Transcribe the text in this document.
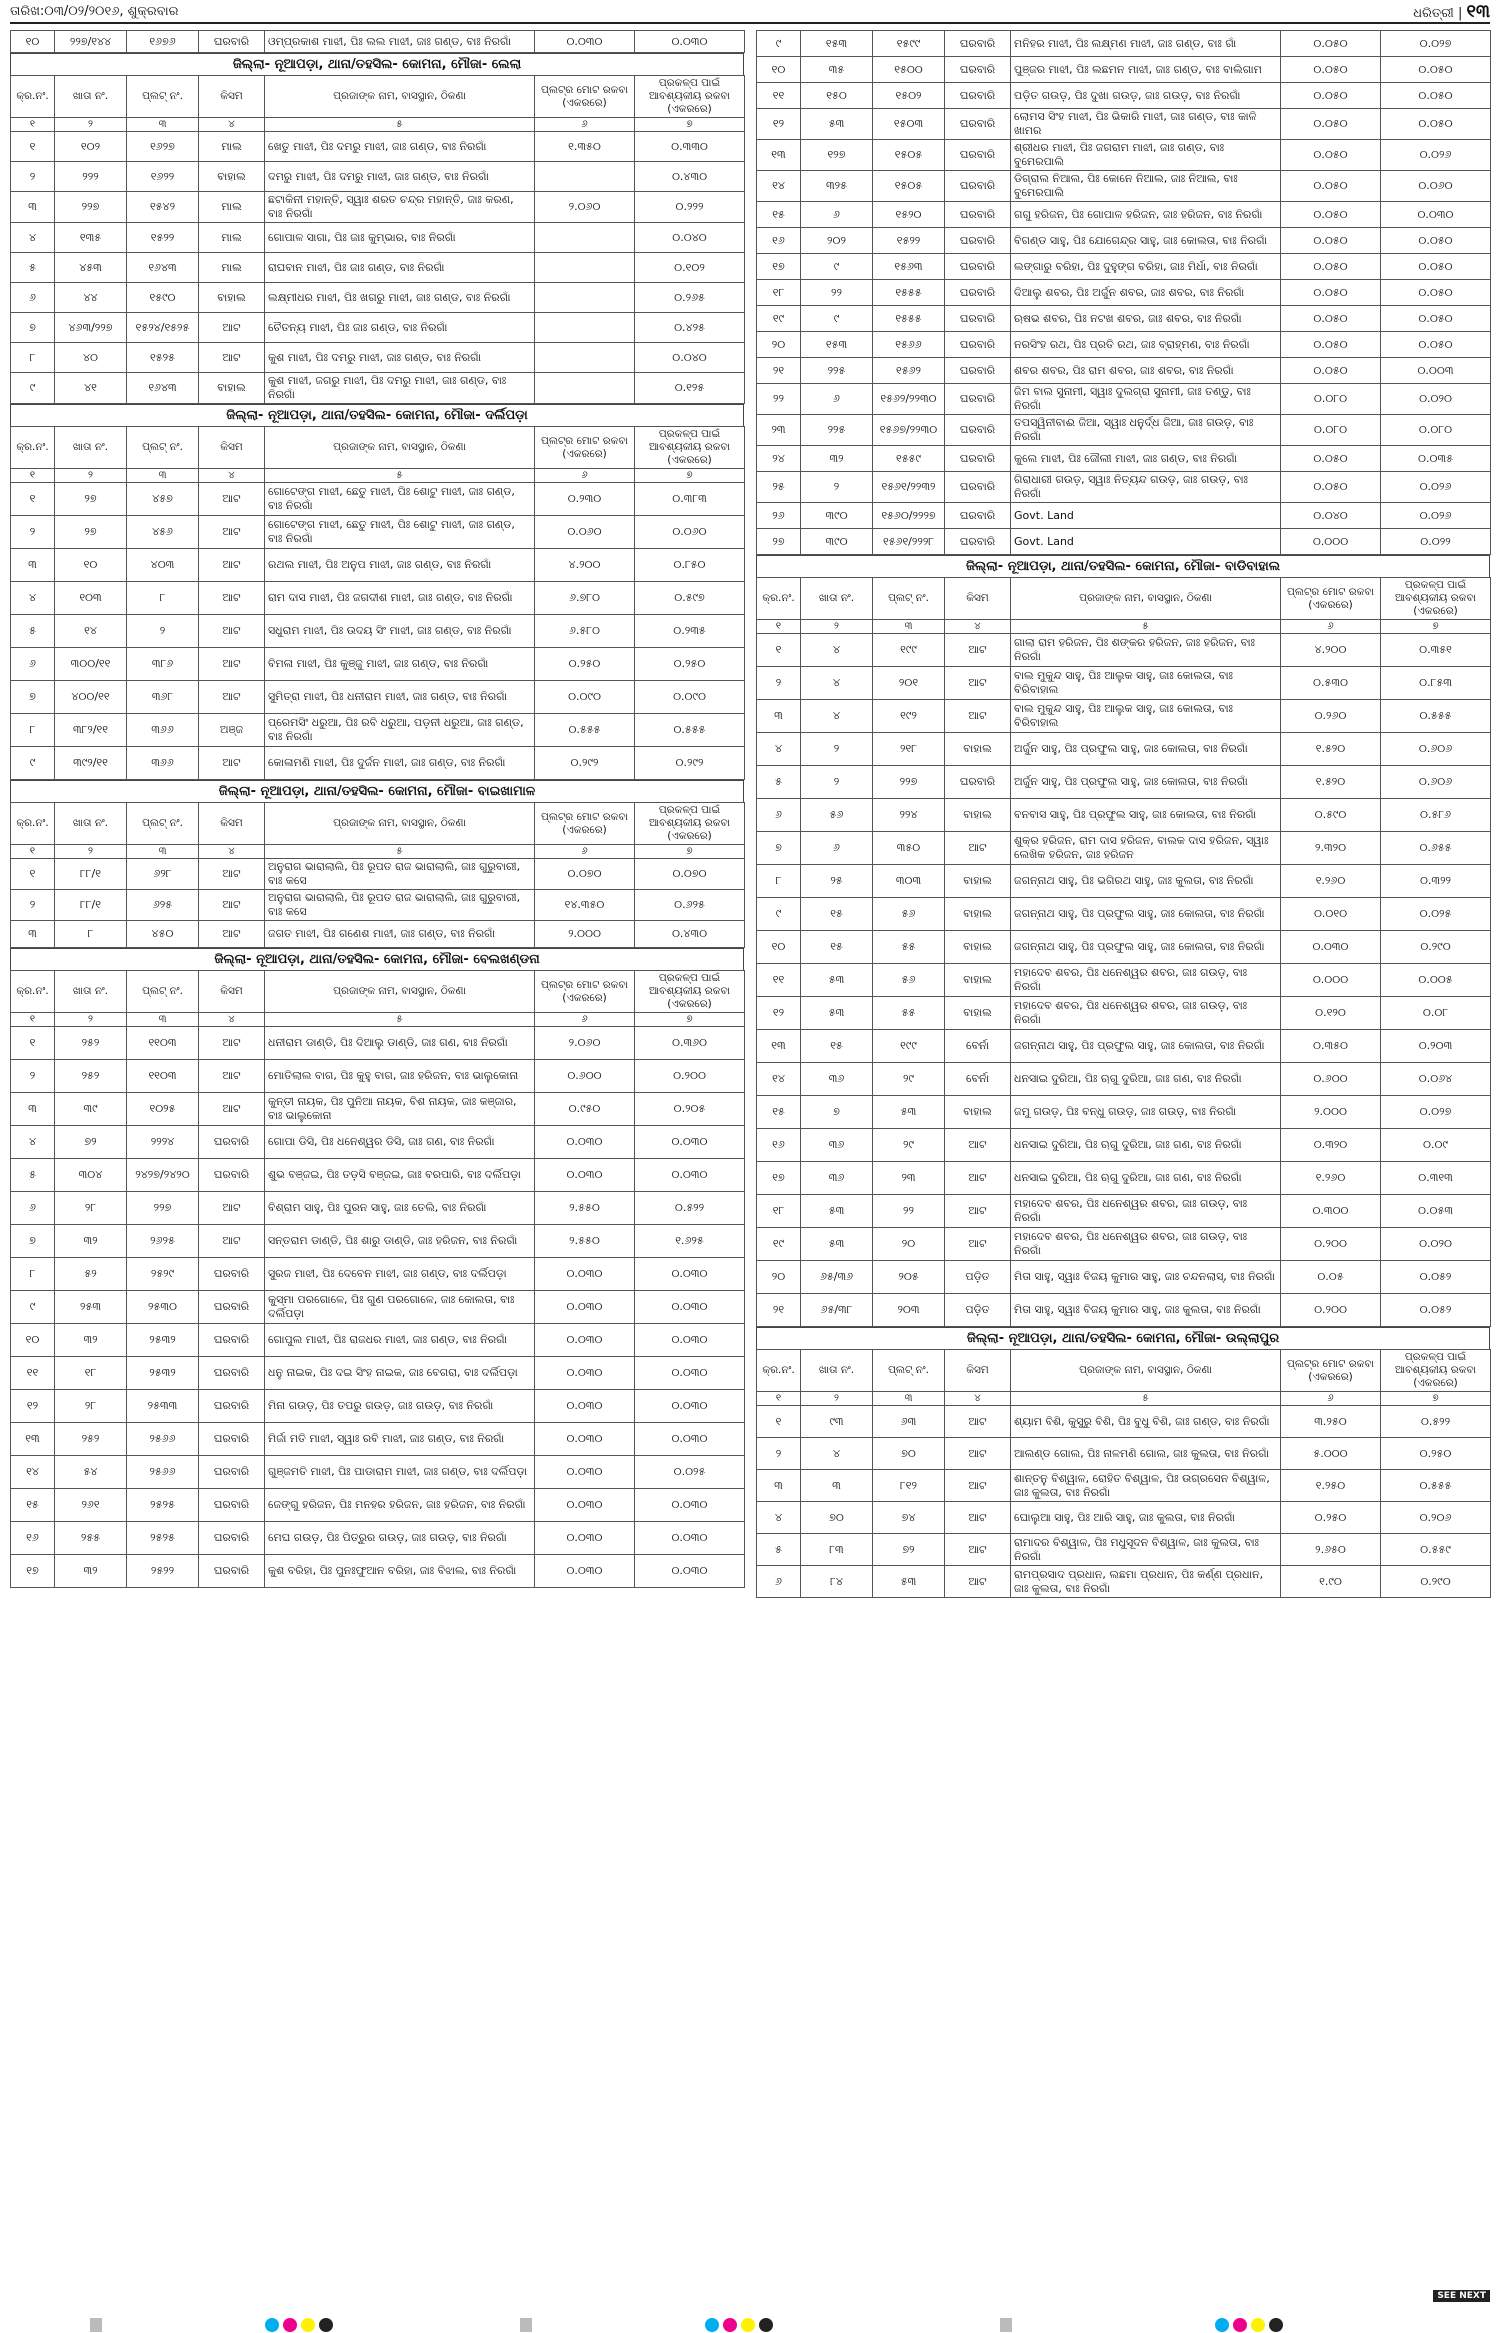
ତାରିଖ:୦୩/୦୨/୨୦୧୬, ଶୁକ୍ରବାର	ଧରିତ୍ରୀ | ୧୩
୧୦	୨୨୭/୧୪୪	୧୬୭୬	ଘରବାରି	ଓମ୍‌ପ୍ରକାଶ ମାଝୀ, ପିଃ ଲଲ ମାଝୀ, ଜାଃ ଗଣ୍ଡ, ବାଃ ନିରଗାଁ	୦.୦୩୦	୦.୦୩୦
ଜିଲ୍ଲା- ନୂଆପଡ଼ା, ଥାନା/ତହସିଲ- କୋମନା, ମୌଜା- ଲେଲା
କ୍ର.ନଂ.	ଖାତା ନଂ.	ପ୍ଲଟ୍ ନଂ.	କିସମ	ପ୍ରଜାଙ୍କ ନାମ, ବାସସ୍ଥାନ, ଠିକଣା	ପ୍ଲଟ୍‌ର ମୋଟ ରକବା (ଏକରରେ)	ପ୍ରକଳ୍ପ ପାଇଁ ଆବଶ୍ୟକୀୟ ରକବା (ଏକରରେ)
୧	୨	୩	୪	୫	୬	୭
୧	୧୦୨	୧୬୨୭	ମାଲ	ଖେତୁ ମାଝୀ, ପିଃ ଦମରୁ ମାଝୀ, ଜାଃ ଗଣ୍ଡ, ବାଃ ନିରଗାଁ	୧.୩୫୦	୦.୩୩୦
୨	୨୨୨	୧୬୨୨	ବାହାଲ	ଦମରୁ ମାଝୀ, ପିଃ ଦମରୁ ମାଝୀ, ଜାଃ ଗଣ୍ଡ, ବାଃ ନିରଗାଁ		୦.୪୩୦
୩	୨୨୭	୧୫୪୨	ମାଲ	ଛଟାକିନୀ ମହାନ୍ତି, ସ୍ୱାଃ ଶରତ ଚନ୍ଦ୍ର ମହାନ୍ତି, ଜାଃ କରଣ, ବାଃ ନିରଗାଁ	୨.୦୬୦	୦.୨୨୨
୪	୧୩୫	୧୫୨୨	ମାଲ	ଗୋପାଳ ସାଗା, ପିଃ ଜାଃ କୁମ୍ଭାର, ବାଃ ନିରଗାଁ		୦.୦୪୦
୫	୪୫୩	୧୬୪୩	ମାଲ	ରାଘବାନ ମାଝୀ, ପିଃ ଜାଃ ଗଣ୍ଡ, ବାଃ ନିରଗାଁ		୦.୧୦୨
୬	୪୪	୧୫୯୦	ବାହାଲ	ଲକ୍ଷ୍ମୀଧର ମାଝୀ, ପିଃ ଖଗରୁ ମାଝୀ, ଜାଃ ଗଣ୍ଡ, ବାଃ ନିରଗାଁ		୦.୨୬୫
୭	୪୬୩/୨୨୭	୧୫୨୪/୧୫୨୫	ଆଟ	ଚୈତନ୍ୟ ମାଝୀ, ପିଃ ଜାଃ ଗଣ୍ଡ, ବାଃ ନିରଗାଁ		୦.୪୨୫
୮	୪୦	୧୫୨୫	ଆଟ	କୁଶ ମାଝୀ, ପିଃ ଦମରୁ ମାଝୀ, ଜାଃ ଗଣ୍ଡ, ବାଃ ନିରଗାଁ		୦.୦୪୦
୯	୪୧	୧୬୪୩	ବାହାଲ	କୁଶ ମାଝୀ, ଜଗରୁ ମାଝୀ, ପିଃ ଦମରୁ ମାଝୀ, ଜାଃ ଗଣ୍ଡ, ବାଃ ନିରଗାଁ		୦.୧୨୫
ଜିଲ୍ଲା- ନୂଆପଡ଼ା, ଥାନା/ତହସିଲ- କୋମନା, ମୌଜା- ଦର୍ଲିପଡ଼ା
କ୍ର.ନଂ.	ଖାତା ନଂ.	ପ୍ଲଟ୍ ନଂ.	କିସମ	ପ୍ରଜାଙ୍କ ନାମ, ବାସସ୍ଥାନ, ଠିକଣା	ପ୍ଲଟ୍‌ର ମୋଟ ରକବା (ଏକରରେ)	ପ୍ରକଳ୍ପ ପାଇଁ ଆବଶ୍ୟକୀୟ ରକବା (ଏକରରେ)
୧	୨	୩	୪	୫	୬	୭
୧	୨୭	୪୫୭	ଆଟ	ଗୋଟେଙ୍ଗ ମାଝୀ, ଛେତୁ ମାଝୀ, ପିଃ ଶୋଟୁ ମାଝୀ, ଜାଃ ଗଣ୍ଡ, ବାଃ ନିରଗାଁ	୦.୨୩୦	୦.୩୮୩
୨	୨୭	୪୫୬	ଆଟ	ଗୋଟେଙ୍ଗ ମାଝୀ, ଛେତୁ ମାଝୀ, ପିଃ ଶୋଟୁ ମାଝୀ, ଜାଃ ଗଣ୍ଡ, ବାଃ ନିରଗାଁ	୦.୦୬୦	୦.୦୬୦
୩	୧୦	୪୦୩	ଆଟ	ରଥଲ ମାଝୀ, ପିଃ ଅନୁପ ମାଝୀ, ଜାଃ ଗଣ୍ଡ, ବାଃ ନିରଗାଁ	୪.୨୦୦	୦.୮୫୦
୪	୧୦୩	୮	ଆଟ	ରାମ ଦାସ ମାଝୀ, ପିଃ ଜଗଦୀଶ ମାଝୀ, ଜାଃ ଗଣ୍ଡ, ବାଃ ନିରଗାଁ	୬.୭୮୦	୦.୫୯୭
୫	୧୪	୨	ଆଟ	ସଧୁରାମ ମାଝୀ, ପିଃ ଉଦୟ ସିଂ ମାଝୀ, ଜାଃ ଗଣ୍ଡ, ବାଃ ନିରଗାଁ	୬.୫୮୦	୦.୨୩୫
୬	୩୦୦/୧୧	୩୮୬	ଆଟ	ବିମଳା ମାଝୀ, ପିଃ କୁଞ୍ଜୁ ମାଝୀ, ଜାଃ ଗଣ୍ଡ, ବାଃ ନିରଗାଁ	୦.୨୫୦	୦.୨୫୦
୭	୪୦୦/୧୧	୩୬୮	ଆଟ	ସୁମିତ୍ରା ମାଝୀ, ପିଃ ଧନୀରାମ ମାଝୀ, ଜାଃ ଗଣ୍ଡ, ବାଃ ନିରଗାଁ	୦.୦୯୦	୦.୦୯୦
୮	୩୮୨/୧୧	୩୬୬	ଅଞ୍ଜ	ପ୍ରେମସିଂ ଧରୁଆ, ପିଃ ରବି ଧରୁଆ, ପଡ଼ନୀ ଧରୁଆ, ଜାଃ ଗଣ୍ଡ, ବାଃ ନିରଗାଁ	୦.୫୫୫	୦.୫୫୫
୯	୩୯୨/୧୧	୩୬୬	ଆଟ	କୋଳାମଣି ମାଝୀ, ପିଃ ଦୁର୍ଜନ ମାଝୀ, ଜାଃ ଗଣ୍ଡ, ବାଃ ନିରଗାଁ	୦.୨୯୨	୦.୨୯୨
ଜିଲ୍ଲା- ନୂଆପଡ଼ା, ଥାନା/ତହସିଲ- କୋମନା, ମୌଜା- ବାଇଖାମାଳ
କ୍ର.ନଂ.	ଖାତା ନଂ.	ପ୍ଲଟ୍ ନଂ.	କିସମ	ପ୍ରଜାଙ୍କ ନାମ, ବାସସ୍ଥାନ, ଠିକଣା	ପ୍ଲଟ୍‌ର ମୋଟ ରକବା (ଏକରରେ)	ପ୍ରକଳ୍ପ ପାଇଁ ଆବଶ୍ୟକୀୟ ରକବା (ଏକରରେ)
୧	୨	୩	୪	୫	୬	୭
୧	୮୮/୧	୬୨୮	ଆଟ	ଅନୁରାଗ ଭାରାଲାଲି, ପିଃ ରୂପତ ରାଜ ଭାରାଲାଲି, ଜାଃ ଗୁରୁବାରୀ, ବାଃ କସେ	୦.୦୭୦	୦.୦୭୦
୨	୮୮/୧	୬୨୫	ଆଟ	ଅନୁରାଗ ଭାରାଲାଲି, ପିଃ ରୂପତ ରାଜ ଭାରାଲାଲି, ଜାଃ ଗୁରୁବାରୀ, ବାଃ କସେ	୧୪.୩୫୦	୦.୬୨୫
୩	୮	୪୫୦	ଆଟ	ଜଗତ ମାଝୀ, ପିଃ ଗଣେଶ ମାଝୀ, ଜାଃ ଗଣ୍ଡ, ବାଃ ନିରଗାଁ	୨.୦୦୦	୦.୪୩୦
ଜିଲ୍ଲା- ନୂଆପଡ଼ା, ଥାନା/ତହସିଲ- କୋମନା, ମୌଜା- ବେଲଖଣ୍ଡନା
କ୍ର.ନଂ.	ଖାତା ନଂ.	ପ୍ଲଟ୍ ନଂ.	କିସମ	ପ୍ରଜାଙ୍କ ନାମ, ବାସସ୍ଥାନ, ଠିକଣା	ପ୍ଲଟ୍‌ର ମୋଟ ରକବା (ଏକରରେ)	ପ୍ରକଳ୍ପ ପାଇଁ ଆବଶ୍ୟକୀୟ ରକବା (ଏକରରେ)
୧	୨	୩	୪	୫	୬	୭
୧	୨୫୨	୧୧୦୩	ଆଟ	ଧନୀରାମ ଡାଣ୍ଡି, ପିଃ ଦିଆଲୁ ଡାଣ୍ଡି, ଜାଃ ଗଣ, ବାଃ ନିରଗାଁ	୨.୦୬୦	୦.୩୬୦
୨	୨୫୨	୧୧୦୩	ଆଟ	ମୋତିଲାଲ ବାଗ, ପିଃ କୁହୁ ବାଗ, ଜାଃ ହରିଜନ, ବାଃ ଭାଲୁକୋନା	୦.୬୦୦	୦.୨୦୦
୩	୩୯	୧୦୨୫	ଆଟ	କୁନ୍ତୀ ନାୟକ, ପିଃ ପୁନିଆ ନାୟକ, ବିଶ ନାୟକ, ଜାଃ କଞ୍ଜାର, ବାଃ ଭାଲୁକୋନା	୦.୯୫୦	୦.୨୦୫
୪	୭୨	୨୨୨୪	ଘରବାରି	ଗୋପା ଡିସି, ପିଃ ଧନେଶ୍ୱର ଡିସି, ଜାଃ ଗଣ, ବାଃ ନିରଗାଁ	୦.୦୩୦	୦.୦୩୦
୫	୩୦୪	୨୪୨୭/୨୪୨୦	ଘରବାରି	ଶୁଭ ବଞ୍ଜଇ, ପିଃ ତଡ଼ସି ବଞ୍ଜଇ, ଜାଃ ବରପାରି, ବାଃ ଦର୍ଲିପଡ଼ା	୦.୦୩୦	୦.୦୩୦
୬	୨୮	୨୨୭	ଆଟ	ବିଶ୍ରାମ ସାହୁ, ପିଃ ପୁରନ ସାହୁ, ଜାଃ ତେଲି, ବାଃ ନିରଗାଁ	୨.୫୫୦	୦.୫୨୨
୭	୩୨	୨୬୨୫	ଆଟ	ସନ୍ତରାମ ଡାଣ୍ଡି, ପିଃ ଶାରୁ ଡାଣ୍ଡି, ଜାଃ ହରିଜନ, ବାଃ ନିରଗାଁ	୨.୫୫୦	୧.୬୨୫
୮	୫୨	୨୫୨୯	ଘରବାରି	ସୁରଜ ମାଝୀ, ପିଃ ଦେବେନ ମାଝୀ, ଜାଃ ଗଣ୍ଡ, ବାଃ ଦର୍ଲିପଡ଼ା	୦.୦୩୦	୦.୦୩୦
୯	୨୫୩	୨୫୩୦	ଘରବାରି	କୁସ୍ମା ପରଗୋଳେ, ପିଃ ଗୁଣ ପରଗୋଳେ, ଜାଃ କୋଲତା, ବାଃ ଦର୍ଲିପଡ଼ା	୦.୦୩୦	୦.୦୩୦
୧୦	୩୨	୨୫୩୨	ଘରବାରି	ଗୋପୁଲ ମାଝୀ, ପିଃ ରାଜଧର ମାଝୀ, ଜାଃ ଗଣ୍ଡ, ବାଃ ନିରଗାଁ	୦.୦୩୦	୦.୦୩୦
୧୧	୧୮	୨୫୩୨	ଘରବାରି	ଧନୁ ନାଇକ, ପିଃ ଦଇ ସିଂହ ନାଇକ, ଜାଃ ବେଗରା, ବାଃ ଦର୍ଲିପଡ଼ା	୦.୦୩୦	୦.୦୩୦
୧୨	୨୮	୨୫୩୩	ଘରବାରି	ମିନା ଗଉଡ଼, ପିଃ ତପରୁ ଗଉଡ଼, ଜାଃ ଗଉଡ଼, ବାଃ ନିରଗାଁ	୦.୦୩୦	୦.୦୩୦
୧୩	୨୫୨	୨୫୬୬	ଘରବାରି	ମିର୍ଜା ମତି ମାଝୀ, ସ୍ୱାଃ ରବି ମାଝୀ, ଜାଃ ଗଣ୍ଡ, ବାଃ ନିରଗାଁ	୦.୦୩୦	୦.୦୩୦
୧୪	୫୪	୨୫୬୬	ଘରବାରି	ଗୁଞ୍ଜମତି ମାଝୀ, ପିଃ ପାଡାରାମ ମାଝୀ, ଜାଃ ଗଣ୍ଡ, ବାଃ ଦର୍ଲିପଡ଼ା	୦.୦୩୦	୦.୦୨୫
୧୫	୨୬୧	୨୫୨୫	ଘରବାରି	ଜେଙ୍ଗୁ ହରିଜନ, ପିଃ ମନହର ହରିଜନ, ଜାଃ ହରିଜନ, ବାଃ ନିରଗାଁ	୦.୦୩୦	୦.୦୩୦
୧୬	୨୫୫	୨୫୨୫	ଘରବାରି	ମେଘ ଗଉଡ଼, ପିଃ ପିତ୍ରୁର ଗଉଡ଼, ଜାଃ ଗଉଡ଼, ବାଃ ନିରଗାଁ	୦.୦୩୦	୦.୦୩୦
୧୭	୩୨	୨୫୨୨	ଘରବାରି	କୁଶ ବରିହା, ପିଃ ପୁନଃଫୁଆନ ବରିହା, ଜାଃ ବିଝାଲ, ବାଃ ନିରଗାଁ	୦.୦୩୦	୦.୦୩୦
୯	୧୫୩	୧୫୯୯	ଘରବାରି	ମନିହର ମାଝୀ, ପିଃ ଲକ୍ଷ୍ମଣ ମାଝୀ, ଜାଃ ଗଣ୍ଡ, ବାଃ ଗାଁ	୦.୦୫୦	୦.୦୨୭
୧୦	୩୫	୧୫୦୦	ଘରବାରି	ପୁଞ୍ଜର ମାଝୀ, ପିଃ ଲଛମନ ମାଝୀ, ଜାଃ ଗଣ୍ଡ, ବାଃ ବାଲିଗାମ	୦.୦୫୦	୦.୦୫୦
୧୧	୧୫୦	୧୫୦୨	ଘରବାରି	ପଡ଼ିତ ଗଉଡ଼, ପିଃ ଦୁଖା ଗଉଡ଼, ଜାଃ ଗଉଡ଼, ବାଃ ନିରଗାଁ	୦.୦୫୦	୦.୦୫୦
୧୨	୫୩	୧୫୦୩	ଘରବାରି	ଲୋମସ ସିଂହ ମାଝୀ, ପିଃ ଭିକାରି ମାଝୀ, ଜାଃ ଗଣ୍ଡ, ବାଃ କାଳି ଖାମର	୦.୦୫୦	୦.୦୫୦
୧୩	୧୨୭	୧୫୦୫	ଘରବାରି	ଶ୍ରୀଧର ମାଝୀ, ପିଃ ଜଗରାମ ମାଝୀ, ଜାଃ ଗଣ୍ଡ, ବାଃ ବୁମେରପାଲି	୦.୦୫୦	୦.୦୨୬
୧୪	୩୨୫	୧୫୦୫	ଘରବାରି	ଡିଗ୍ରାଲ ନିଆଲ, ପିଃ କୋନେ ନିଆଲ, ଜାଃ ନିଆଲ, ବାଃ ବୁମେରପାଲି	୦.୦୫୦	୦.୦୬୦
୧୫	୬	୧୫୨୦	ଘରବାରି	ଗଗୁ ହରିଜନ, ପିଃ ଗୋପାଳ ହରିଜନ, ଜାଃ ହରିଜନ, ବାଃ ନିରଗାଁ	୦.୦୫୦	୦.୦୩୦
୧୬	୨୦୨	୧୫୨୨	ଘରବାରି	ବିଗଣ୍ଡ ସାହୁ, ପିଃ ଯୋଗେନ୍ଦ୍ର ସାହୁ, ଜାଃ କୋଲତା, ବାଃ ନିରଗାଁ	୦.୦୫୦	୦.୦୫୦
୧୭	୯	୧୫୬୩	ଘରବାରି	ଲଙ୍ଗାରୁ ବରିହା, ପିଃ ଦୁହୁଙ୍ଗ ବରିହା, ଜାଃ ମିର୍ଧା, ବାଃ ନିରଗାଁ	୦.୦୫୦	୦.୦୫୦
୧୮	୨୨	୧୫୫୫	ଘରବାରି	ଦିଆଲୁ ଶବର, ପିଃ ଅର୍ଜୁନ ଶବର, ଜାଃ ଶବର, ବାଃ ନିରଗାଁ	୦.୦୫୦	୦.୦୫୦
୧୯	୯	୧୫୫୫	ଘରବାରି	ଋଷଭ ଶବର, ପିଃ ନଟଖ ଶବର, ଜାଃ ଶବର, ବାଃ ନିରଗାଁ	୦.୦୫୦	୦.୦୫୦
୨୦	୧୫୩	୧୫୬୬	ଘରବାରି	ନରସିଂହ ରଥ, ପିଃ ପ୍ରତି ରଥ, ଜାଃ ବ୍ରାହ୍ମଣ, ବାଃ ନିରଗାଁ	୦.୦୫୦	୦.୦୫୦
୨୧	୨୨୫	୧୫୬୨	ଘରବାରି	ଶବର ଶବର, ପିଃ ରାମ ଶବର, ଜାଃ ଶବର, ବାଃ ନିରଗାଁ	୦.୦୫୦	୦.୦୦୩
୨୨	୬	୧୫୬୨/୨୨୩୦	ଘରବାରି	ଜିମ ବାଲ ସୁନାମୀ, ସ୍ୱାଃ ଦୁଲଗ୍ରା ସୁନାମୀ, ଜାଃ ତଣ୍ଡୁ, ବାଃ ନିରଗାଁ	୦.୦୮୦	୦.୦୨୦
୨୩	୨୨୫	୧୫୬୭/୨୨୩୦	ଘରବାରି	ତପସ୍ୱିନୀବାଈ ଜିଆ, ସ୍ୱାଃ ଧନୁର୍ଦ୍ଧ ଜିଆ, ଜାଃ ଗଉଡ଼, ବାଃ ନିରଗାଁ	୦.୦୮୦	୦.୦୮୦
୨୪	୩୨	୧୫୫୯	ଘରବାରି	କୁଲେ ମାଝୀ, ପିଃ ଜୌଲୀ ମାଝୀ, ଜାଃ ଗଣ୍ଡ, ବାଃ ନିରଗାଁ	୦.୦୫୦	୦.୦୩୫
୨୫	୨	୧୫୬୧/୨୨୩୨	ଘରବାରି	ଗିରାଧାରୀ ଗଉଡ଼, ସ୍ୱାଃ ନିତ୍ୟନ୍ଦ ଗଉଡ଼, ଜାଃ ଗଉଡ଼, ବାଃ ନିରଗାଁ	୦.୦୫୦	୦.୦୨୬
୨୬	୩୯୦	୧୫୬୦/୨୨୨୭	ଘରବାରି	Govt. Land	୦.୦୪୦	୦.୦୨୬
୨୭	୩୯୦	୧୫୬୧/୨୨୨୮	ଘରବାରି	Govt. Land	୦.୦୦୦	୦.୦୨୨
ଜିଲ୍ଲା- ନୂଆପଡ଼ା, ଥାନା/ତହସିଲ- କୋମନା, ମୌଜା- ବାଡିବାହାଲ
କ୍ର.ନଂ.	ଖାତା ନଂ.	ପ୍ଲଟ୍ ନଂ.	କିସମ	ପ୍ରଜାଙ୍କ ନାମ, ବାସସ୍ଥାନ, ଠିକଣା	ପ୍ଲଟ୍‌ର ମୋଟ ରକବା (ଏକରରେ)	ପ୍ରକଳ୍ପ ପାଇଁ ଆବଶ୍ୟକୀୟ ରକବା (ଏକରରେ)
୧	୨	୩	୪	୫	୬	୭
୧	୪	୧୯୯	ଆଟ	ଗାଲା ରାମ ହରିଜନ, ପିଃ ଶଙ୍କର ହରିଜନ, ଜାଃ ହରିଜନ, ବାଃ ନିରଗାଁ	୪.୨୦୦	୦.୩୫୧
୨	୪	୨୦୧	ଆଟ	ବାଲ ମୁକୁନ୍ଦ ସାହୁ, ପିଃ ଆଲୁକ ସାହୁ, ଜାଃ କୋଲତା, ବାଃ ବିରିବାହାଲ	୦.୫୩୦	୦.୮୫୩
୩	୪	୧୯୨	ଆଟ	ବାଲ ମୁକୁନ୍ଦ ସାହୁ, ପିଃ ଆଲୁକ ସାହୁ, ଜାଃ କୋଲତା, ବାଃ ବିରିବାହାଲ	୦.୨୬୦	୦.୫୫୫
୪	୨	୨୧୮	ବାହାଲ	ଅର୍ଜୁନ ସାହୁ, ପିଃ ପ୍ରଫୁଲ ସାହୁ, ଜାଃ କୋଲତା, ବାଃ ନିରଗାଁ	୧.୫୨୦	୦.୬୦୬
୫	୨	୨୨୭	ଘରବାରି	ଅର୍ଜୁନ ସାହୁ, ପିଃ ପ୍ରଫୁଲ ସାହୁ, ଜାଃ କୋଲତା, ବାଃ ନିରଗାଁ	୧.୫୨୦	୦.୬୦୬
୬	୫୬	୨୨୪	ବାହାଲ	ବନବାସ ସାହୁ, ପିଃ ପ୍ରଫୁଲ ସାହୁ, ଜାଃ କୋଲତା, ବାଃ ନିରଗାଁ	୦.୫୯୦	୦.୫୮୬
୭	୬	୩୫୦	ଆଟ	ଶୁକ୍ର ହରିଜନ, ରାମ ଦାସ ହରିଜନ, ବାଲକ ଦାସ ହରିଜନ, ସ୍ୱାଃ ଲେଖିକ ହରିଜନ, ଜାଃ ହରିଜନ	୨.୩୨୦	୦.୬୫୫
୮	୨୫	୩୦୩	ବାହାଲ	ଜଗନ୍ନାଥ ସାହୁ, ପିଃ ଭଗିରଥ ସାହୁ, ଜାଃ କୁଲତା, ବାଃ ନିରଗାଁ	୧.୨୬୦	୦.୩୨୨
୯	୧୫	୫୬	ବାହାଲ	ଜଗନ୍ନାଥ ସାହୁ, ପିଃ ପ୍ରଫୁଲ ସାହୁ, ଜାଃ କୋଲତା, ବାଃ ନିରଗାଁ	୦.୦୧୦	୦.୦୨୫
୧୦	୧୫	୫୫	ବାହାଲ	ଜଗନ୍ନାଥ ସାହୁ, ପିଃ ପ୍ରଫୁଲ ସାହୁ, ଜାଃ କୋଲତା, ବାଃ ନିରଗାଁ	୦.୦୩୦	୦.୨୯୦
୧୧	୫୩	୫୬	ବାହାଲ	ମହାଦେବ ଶବର, ପିଃ ଧନେଶ୍ୱର ଶବର, ଜାଃ ଗଉଡ଼, ବାଃ ନିରଗାଁ	୦.୦୦୦	୦.୦୦୫
୧୨	୫୩	୫୫	ବାହାଲ	ମହାଦେବ ଶବର, ପିଃ ଧନେଶ୍ୱର ଶବର, ଜାଃ ଗଉଡ଼, ବାଃ ନିରଗାଁ	୦.୧୨୦	୦.୦୮
୧୩	୧୫	୧୯୯	ବେର୍ନା	ଜଗନ୍ନାଥ ସାହୁ, ପିଃ ପ୍ରଫୁଲ ସାହୁ, ଜାଃ କୋଲତା, ବାଃ ନିରଗାଁ	୦.୩୫୦	୦.୨୦୩
୧୪	୩୬	୨୯	ବେର୍ନା	ଧନସାଇ ଦୁରିଆ, ପିଃ ଋଗୁ ଦୁରିଆ, ଜାଃ ଗଣ, ବାଃ ନିରଗାଁ	୦.୬୦୦	୦.୦୬୪
୧୫	୭	୫୩	ବାହାଲ	ଜମୁ ଗଉଡ଼, ପିଃ ବନ୍ଧୁ ଗଉଡ଼, ଜାଃ ଗଉଡ଼, ବାଃ ନିରଗାଁ	୨.୦୦୦	୦.୦୨୭
୧୬	୩୬	୨୯	ଆଟ	ଧନସାଇ ଦୁରିଆ, ପିଃ ଋଗୁ ଦୁରିଆ, ଜାଃ ଗଣ, ବାଃ ନିରଗାଁ	୦.୩୨୦	୦.୦୯
୧୭	୩୬	୨୩	ଆଟ	ଧନସାଇ ଦୁରିଆ, ପିଃ ଋଗୁ ଦୁରିଆ, ଜାଃ ଗଣ, ବାଃ ନିରଗାଁ	୧.୨୬୦	୦.୩୧୩
୧୮	୫୩	୨୨	ଆଟ	ମହାଦେବ ଶବର, ପିଃ ଧନେଶ୍ୱର ଶବର, ଜାଃ ଗଉଡ଼, ବାଃ ନିରଗାଁ	୦.୩୦୦	୦.୦୫୩
୧୯	୫୩	୨୦	ଆଟ	ମହାଦେବ ଶବର, ପିଃ ଧନେଶ୍ୱର ଶବର, ଜାଃ ଗଉଡ଼, ବାଃ ନିରଗାଁ	୦.୨୦୦	୦.୦୨୦
୨୦	୬୫/୩୬	୨୦୫	ପଡ଼ିତ	ମିତା ସାହୁ, ସ୍ୱାଃ ବିଜୟ କୁମାର ସାହୁ, ଜାଃ ଚନ୍ଦନଲାସ୍, ବାଃ ନିରଗାଁ	୦.୦୫	୦.୦୫୨
୨୧	୬୫/୩୮	୨୦୩	ପଡ଼ିତ	ମିତା ସାହୁ, ସ୍ୱାଃ ବିଜୟ କୁମାର ସାହୁ, ଜାଃ କୁଲତା, ବାଃ ନିରଗାଁ	୦.୨୦୦	୦.୦୫୨
ଜିଲ୍ଲା- ନୂଆପଡ଼ା, ଥାନା/ତହସିଲ- କୋମନା, ମୌଜା- ଉଲ୍ଲାପୁର
କ୍ର.ନଂ.	ଖାତା ନଂ.	ପ୍ଲଟ୍ ନଂ.	କିସମ	ପ୍ରଜାଙ୍କ ନାମ, ବାସସ୍ଥାନ, ଠିକଣା	ପ୍ଲଟ୍‌ର ମୋଟ ରକବା (ଏକରରେ)	ପ୍ରକଳ୍ପ ପାଇଁ ଆବଶ୍ୟକୀୟ ରକବା (ଏକରରେ)
୧	୨	୩	୪	୫	୬	୭
୧	୯୩	୬୩	ଆଟ	ଶ୍ୟାମ ବିଶି, କୁସୁରୁ ବିଶି, ପିଃ ବୁଧୁ ବିଶି, ଜାଃ ଗଣ୍ଡ, ବାଃ ନିରଗାଁ	୩.୨୫୦	୦.୫୨୨
୨	୪	୭୦	ଆଟ	ଆଲଣ୍ଡ ଗୋଲ, ପିଃ ନାଳମଣି ଗୋଲ, ଜାଃ କୁଲତା, ବାଃ ନିରଗାଁ	୫.୦୦୦	୦.୨୫୦
୩	୩	୮୧୨	ଆଟ	ଶାନ୍ତନୁ ବିଶ୍ୱାଳ, ରୋହିତ ବିଶ୍ୱାଳ, ପିଃ ଉଗ୍ରସେନ ବିଶ୍ୱାଳ, ଜାଃ କୁଲତା, ବାଃ ନିରଗାଁ	୧.୨୫୦	୦.୫୫୫
୪	୭୦	୭୪	ଆଟ	ଘୋଲୁଆ ସାହୁ, ପିଃ ଆରି ସାହୁ, ଜାଃ କୁଲତା, ବାଃ ନିରଗାଁ	୦.୨୫୦	୦.୨୦୬
୫	୮୩	୭୨	ଆଟ	ରାମାଦର ବିଶ୍ୱାଳ, ପିଃ ମଧୁସୂଦନ ବିଶ୍ୱାଳ, ଜାଃ କୁଲତା, ବାଃ ନିରଗାଁ	୨.୬୫୦	୦.୫୫୯
୬	୮୪	୫୩	ଆଟ	ରାମପ୍ରସାଦ ପ୍ରଧାନ, ଲଛମା ପ୍ରଧାନ, ପିଃ କର୍ଣ୍ଣ ପ୍ରଧାନ, ଜାଃ କୁଲତା, ବାଃ ନିରଗାଁ	୧.୯୦	୦.୨୯୦
SEE NEXT
